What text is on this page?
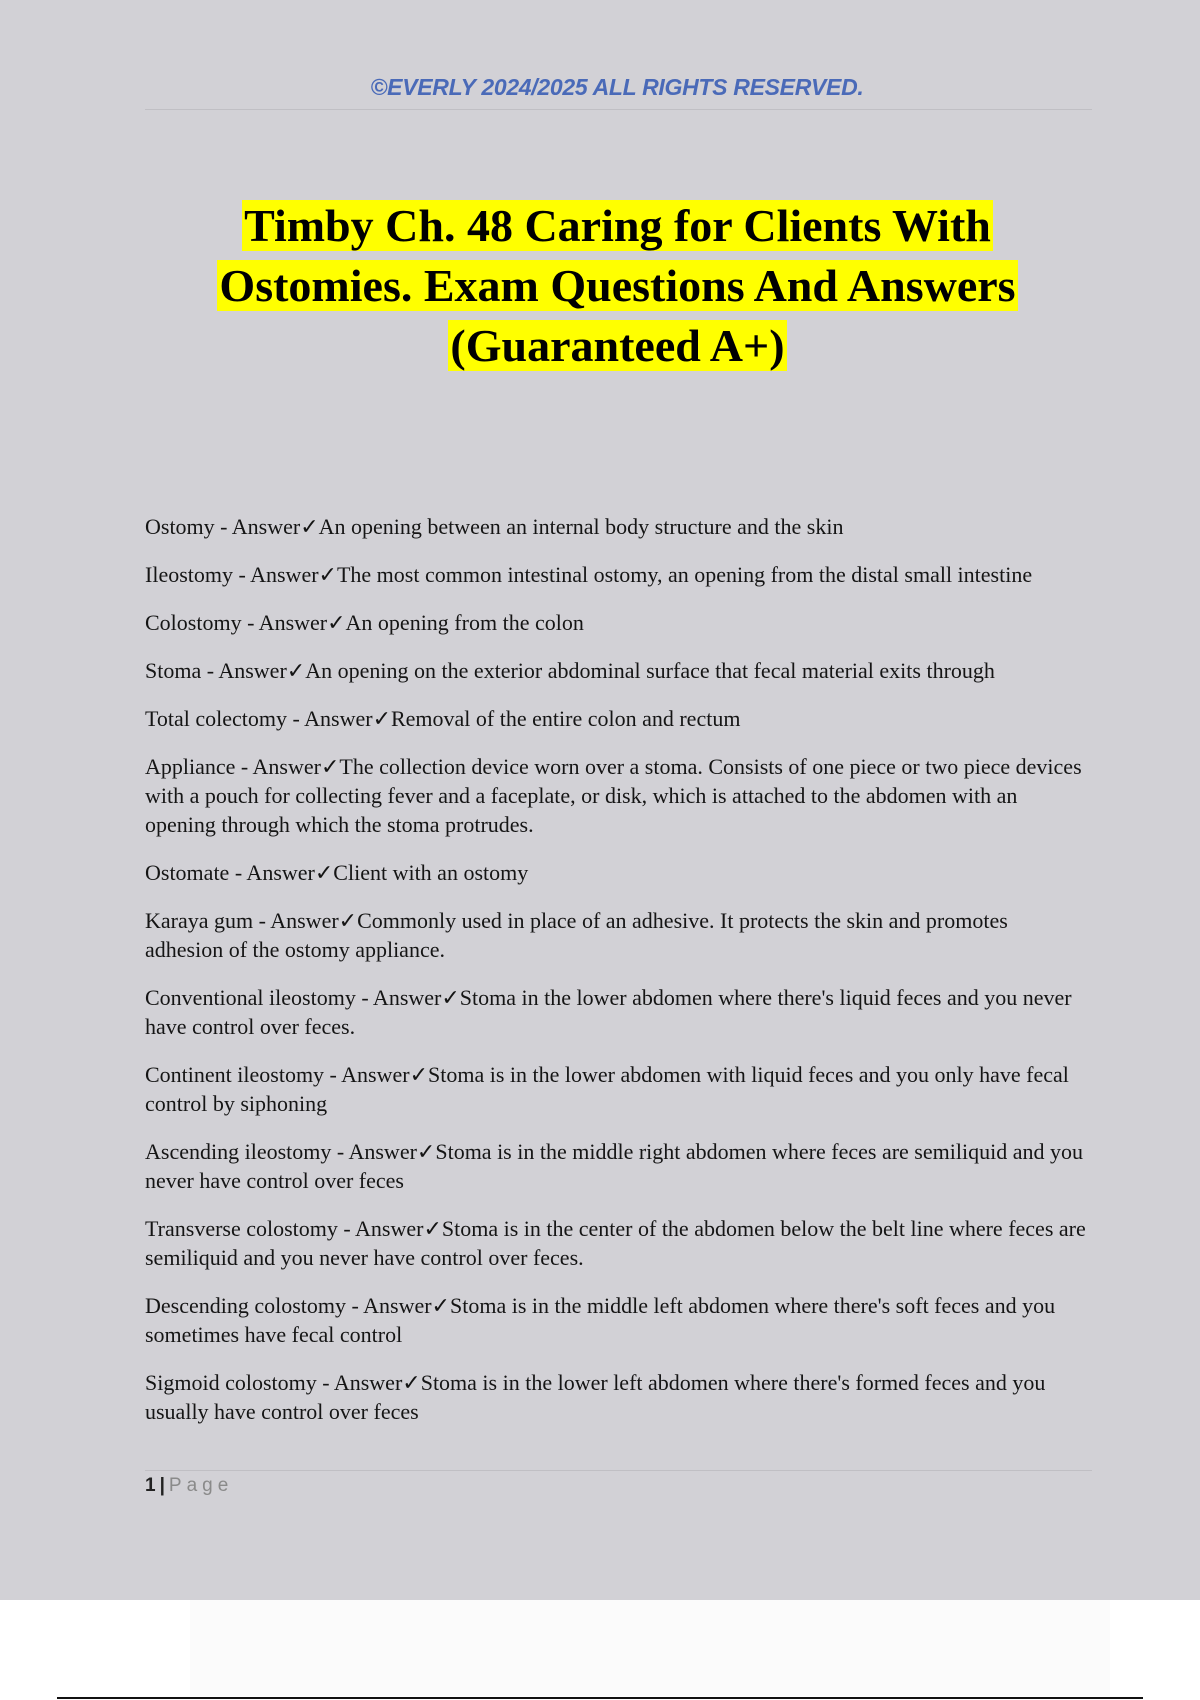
©EVERLY 2024/2025 ALL RIGHTS RESERVED.
Timby Ch. 48 Caring for Clients With Ostomies. Exam Questions And Answers (Guaranteed A+)

Ostomy - Answer✓An opening between an internal body structure and the skin

Ileostomy - Answer✓The most common intestinal ostomy, an opening from the distal small intestine

Colostomy - Answer✓An opening from the colon

Stoma - Answer✓An opening on the exterior abdominal surface that fecal material exits through

Total colectomy - Answer✓Removal of the entire colon and rectum

Appliance - Answer✓The collection device worn over a stoma. Consists of one piece or two piece devices with a pouch for collecting fever and a faceplate, or disk, which is attached to the abdomen with an opening through which the stoma protrudes.

Ostomate - Answer✓Client with an ostomy

Karaya gum - Answer✓Commonly used in place of an adhesive. It protects the skin and promotes adhesion of the ostomy appliance.

Conventional ileostomy - Answer✓Stoma in the lower abdomen where there's liquid feces and you never have control over feces.

Continent ileostomy - Answer✓Stoma is in the lower abdomen with liquid feces and you only have fecal control by siphoning

Ascending ileostomy - Answer✓Stoma is in the middle right abdomen where feces are semiliquid and you never have control over feces

Transverse colostomy - Answer✓Stoma is in the center of the abdomen below the belt line where feces are semiliquid and you never have control over feces.

Descending colostomy - Answer✓Stoma is in the middle left abdomen where there's soft feces and you sometimes have fecal control

Sigmoid colostomy - Answer✓Stoma is in the lower left abdomen where there's formed feces and you usually have control over feces

1 | Page
